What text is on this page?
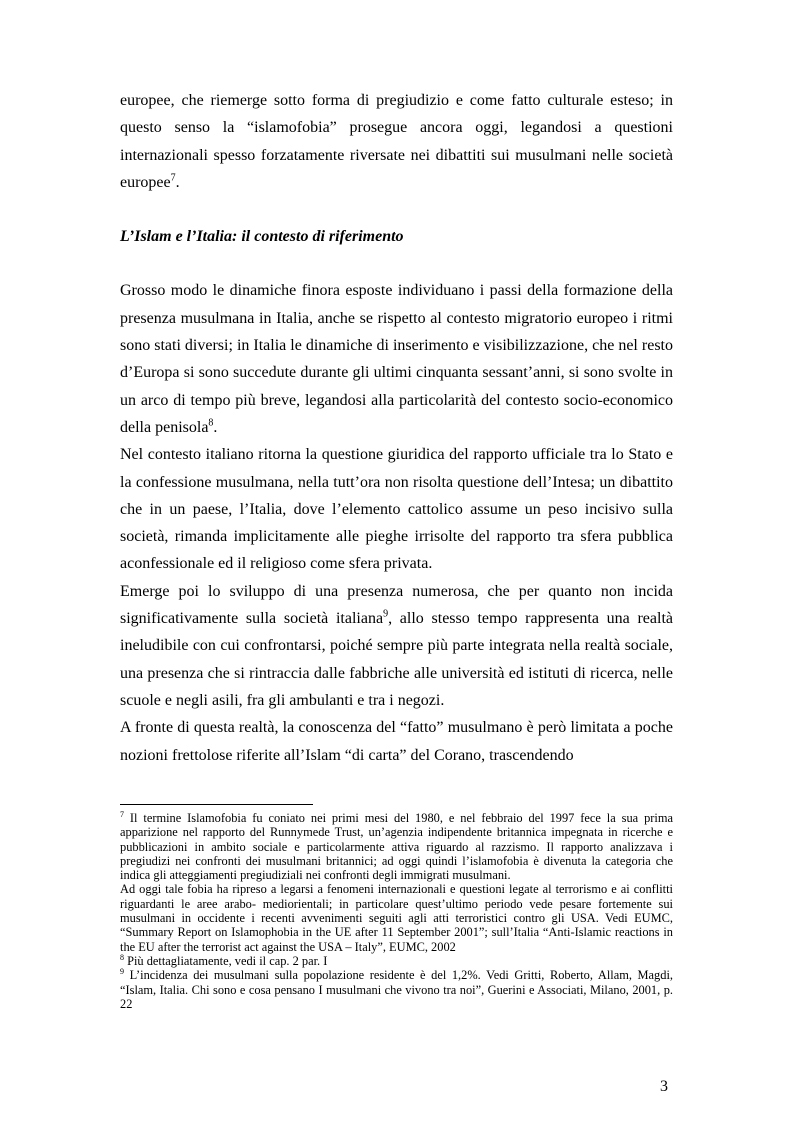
europee, che riemerge sotto forma di pregiudizio e come fatto culturale esteso; in questo senso la “islamofobia” prosegue ancora oggi, legandosi a questioni internazionali spesso forzatamente riversate nei dibattiti sui musulmani nelle società europee$^7$.

L’Islam e l’Italia: il contesto di riferimento

Grosso modo le dinamiche finora esposte individuano i passi della formazione della presenza musulmana in Italia, anche se rispetto al contesto migratorio europeo i ritmi sono stati diversi; in Italia le dinamiche di inserimento e visibilizzazione, che nel resto d’Europa si sono succedute durante gli ultimi cinquanta sessant’anni, si sono svolte in un arco di tempo più breve, legandosi alla particolarità del contesto socio-economico della penisola$^8$.

Nel contesto italiano ritorna la questione giuridica del rapporto ufficiale tra lo Stato e la confessione musulmana, nella tutt’ora non risolta questione dell’Intesa; un dibattito che in un paese, l’Italia, dove l’elemento cattolico assume un peso incisivo sulla società, rimanda implicitamente alle pieghe irrisolte del rapporto tra sfera pubblica aconfessionale ed il religioso come sfera privata.

Emerge poi lo sviluppo di una presenza numerosa, che per quanto non incida significativamente sulla società italiana$^9$, allo stesso tempo rappresenta una realtà ineludibile con cui confrontarsi, poiché sempre più parte integrata nella realtà sociale, una presenza che si rintraccia dalle fabbriche alle università ed istituti di ricerca, nelle scuole e negli asili, fra gli ambulanti e tra i negozi.

A fronte di questa realtà, la conoscenza del “fatto” musulmano è però limitata a poche nozioni frettolose riferite all’Islam “di carta” del Corano, trascendendo

$^7$ Il termine Islamofobia fu coniato nei primi mesi del 1980, e nel febbraio del 1997 fece la sua prima apparizione nel rapporto del Runnymede Trust, un’agenzia indipendente britannica impegnata in ricerche e pubblicazioni in ambito sociale e particolarmente attiva riguardo al razzismo. Il rapporto analizzava i pregiudizi nei confronti dei musulmani britannici; ad oggi quindi l’islamofobia è divenuta la categoria che indica gli atteggiamenti pregiudiziali nei confronti degli immigrati musulmani.

Ad oggi tale fobia ha ripreso a legarsi a fenomeni internazionali e questioni legate al terrorismo e ai conflitti riguardanti le aree arabo- mediorientali; in particolare quest’ultimo periodo vede pesare fortemente sui musulmani in occidente i recenti avvenimenti seguiti agli atti terroristici contro gli USA. Vedi EUMC, “Summary Report on Islamophobia in the UE after 11 September 2001”; sull’Italia “Anti-Islamic reactions in the EU after the terrorist act against the USA – Italy”, EUMC, 2002

$^8$ Più dettagliatamente, vedi il cap. 2 par. I

$^9$ L’incidenza dei musulmani sulla popolazione residente è del 1,2%. Vedi Gritti, Roberto, Allam, Magdi, “Islam, Italia. Chi sono e cosa pensano I musulmani che vivono tra noi”, Guerini e Associati, Milano, 2001, p. 22

3
